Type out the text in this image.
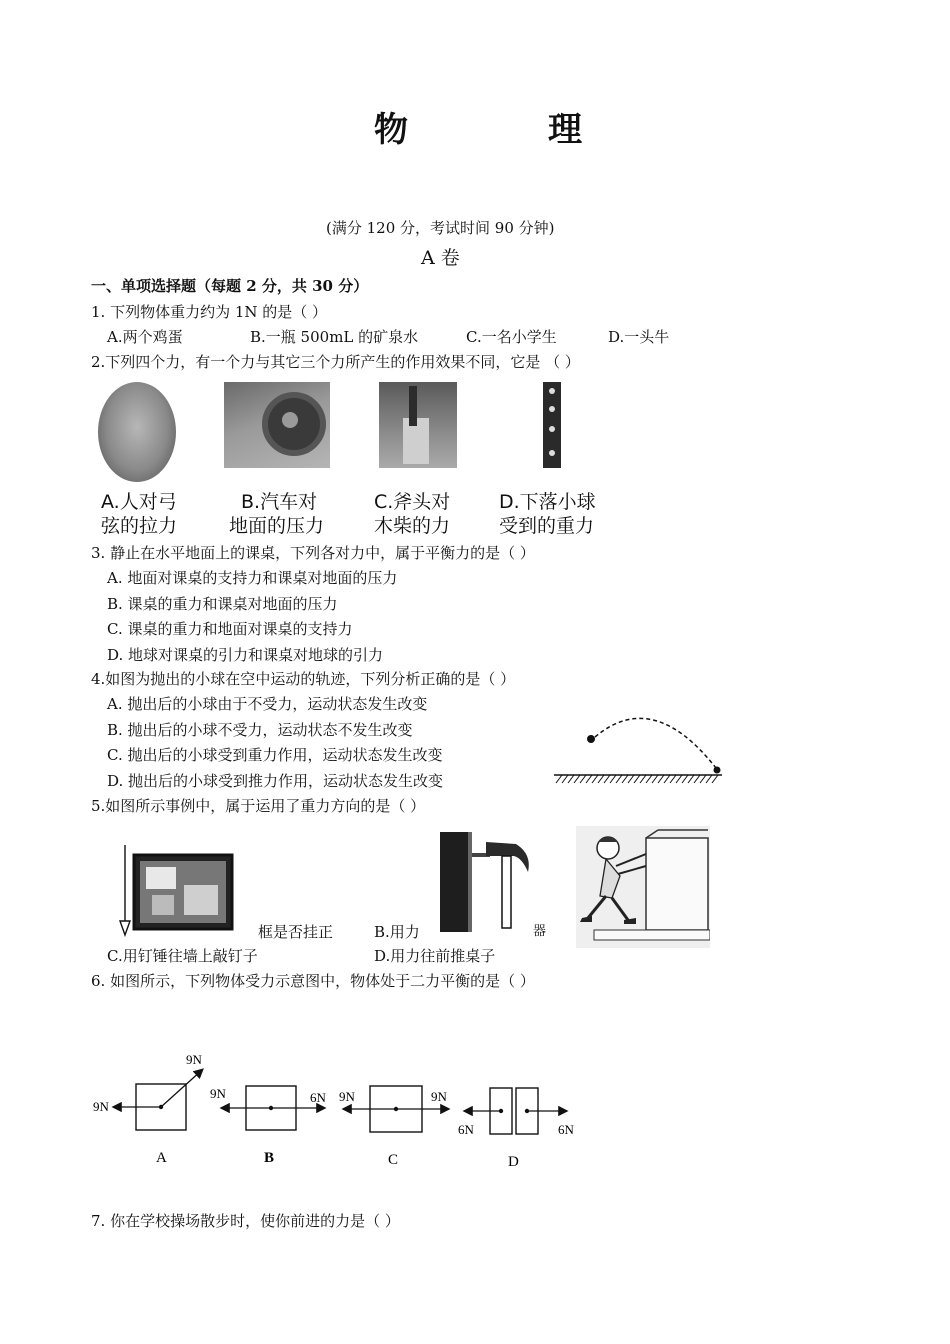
物	理
(满分 120 分，考试时间 90 分钟)
A 卷
一、单项选择题（每题 2 分，共 30 分）
1. 下列物体重力约为 1N 的是（ ）
A.两个鸡蛋	B.一瓶 500mL 的矿泉水	C.一名小学生	D.一头牛
2.下列四个力，有一个力与其它三个力所产生的作用效果不同，它是 （ ）
A.人对弓
弦的拉力
B.汽车对
地面的压力
C.斧头对
木柴的力
D.下落小球
受到的重力
3. 静止在水平地面上的课桌，下列各对力中，属于平衡力的是（ ）
A. 地面对课桌的支持力和课桌对地面的压力
B. 课桌的重力和课桌对地面的压力
C. 课桌的重力和地面对课桌的支持力
D. 地球对课桌的引力和课桌对地球的引力
4.如图为抛出的小球在空中运动的轨迹，下列分析正确的是（ ）
A. 抛出后的小球由于不受力，运动状态发生改变
B. 抛出后的小球不受力，运动状态不发生改变
C. 抛出后的小球受到重力作用，运动状态发生改变
D. 抛出后的小球受到推力作用，运动状态发生改变
5.如图所示事例中，属于运用了重力方向的是（ ）
框是否挂正	B.用力	器
C.用钉锤往墙上敲钉子	D.用力往前推桌子
6. 如图所示，下列物体受力示意图中，物体处于二力平衡的是（ ）
9N
9N
A
9N	6N
B
9N	9N
C
6N	6N
D
7. 你在学校操场散步时，使你前进的力是（ ）
